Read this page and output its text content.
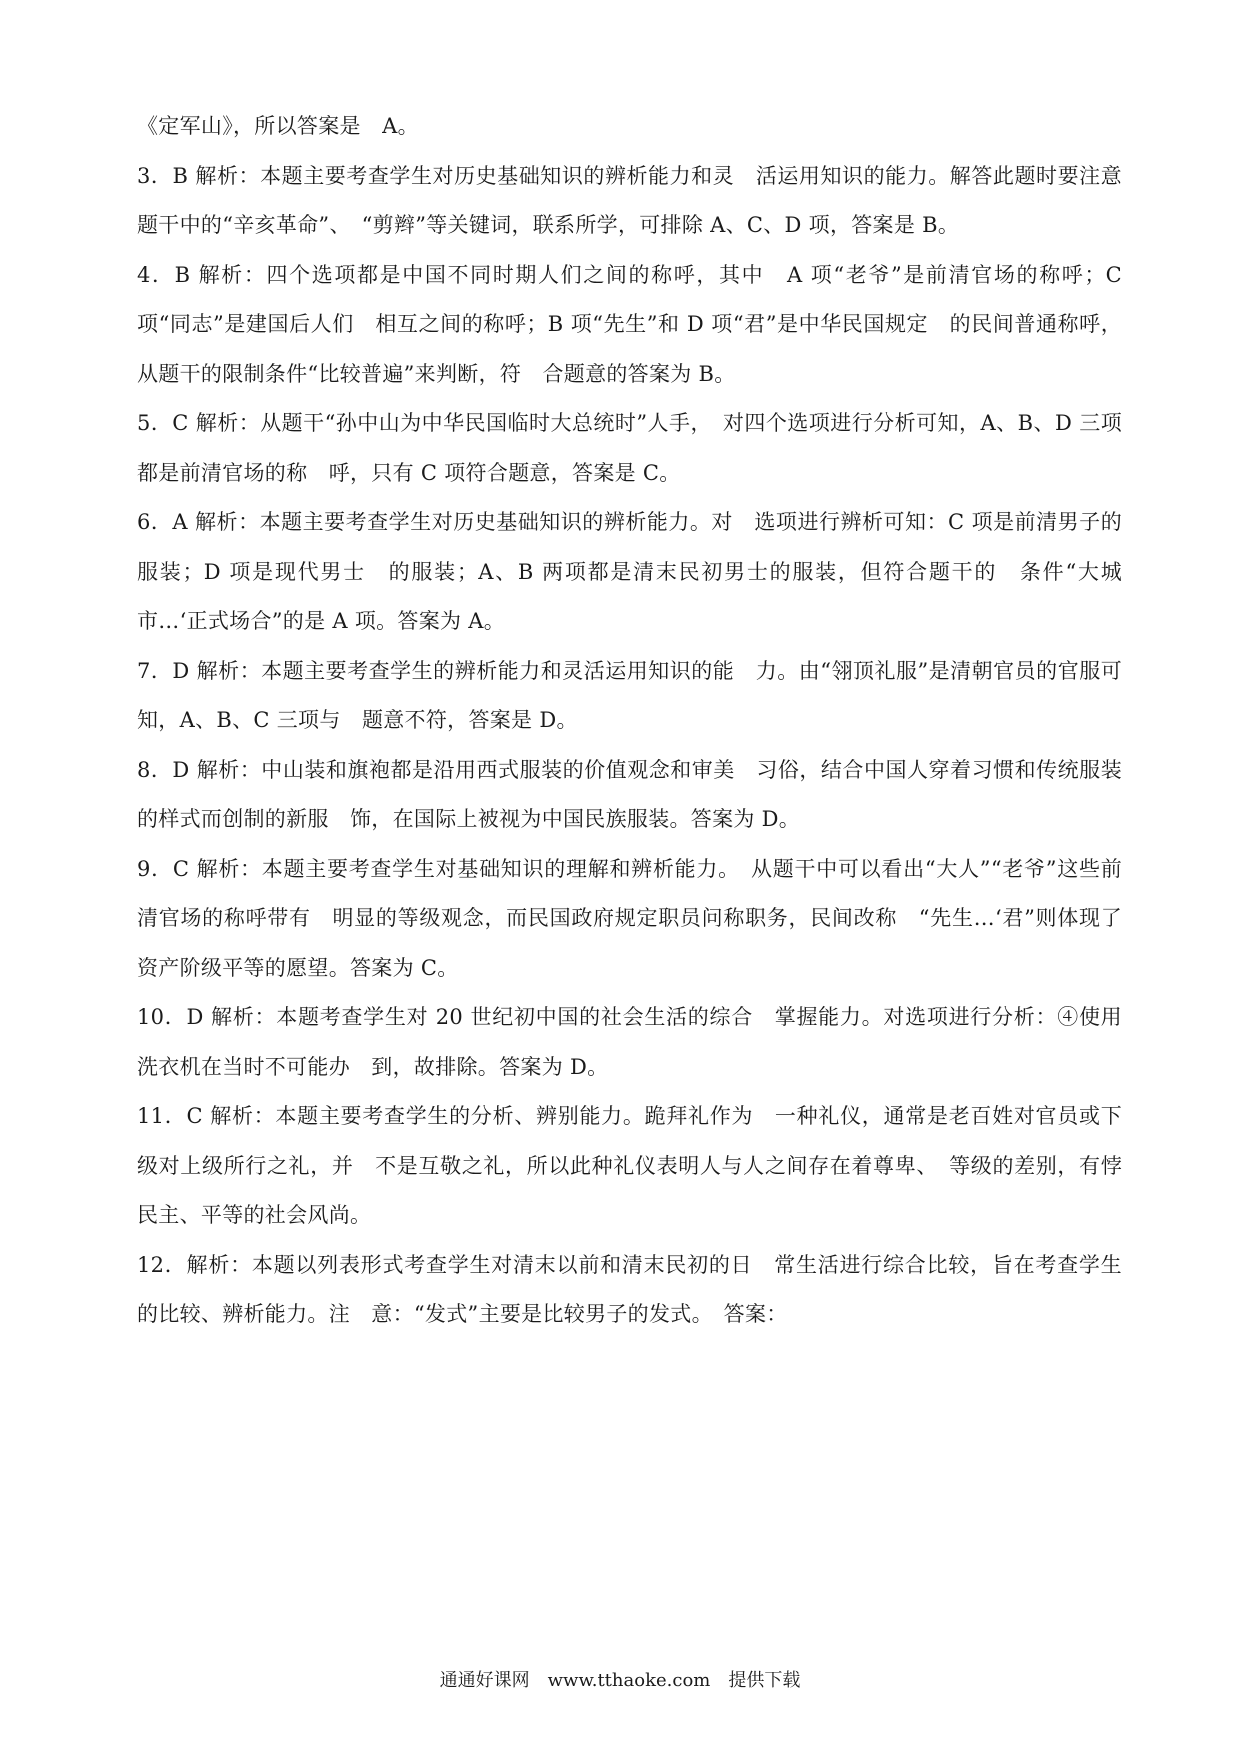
《定军山》，所以答案是　A。

3．B 解析：本题主要考查学生对历史基础知识的辨析能力和灵　活运用知识的能力。解答此题时要注意题干中的“辛亥革命”、　“剪辫”等关键词，联系所学，可排除 A、C、D 项，答案是 B。

4．B 解析：四个选项都是中国不同时期人们之间的称呼，其中　A 项“老爷”是前清官场的称呼；C 项“同志”是建国后人们　相互之间的称呼；B 项“先生”和 D 项“君”是中华民国规定　的民间普通称呼，从题干的限制条件“比较普遍”来判断，符　合题意的答案为 B。

5．C 解析：从题干“孙中山为中华民国临时大总统时”人手，　对四个选项进行分析可知，A、B、D 三项都是前清官场的称　呼，只有 C 项符合题意，答案是 C。

6．A 解析：本题主要考查学生对历史基础知识的辨析能力。对　选项进行辨析可知：C 项是前清男子的服装；D 项是现代男士　的服装；A、B 两项都是清末民初男士的服装，但符合题干的　条件“大城市…‘正式场合”的是 A 项。答案为 A。

7．D 解析：本题主要考查学生的辨析能力和灵活运用知识的能　力。由“翎顶礼服”是清朝官员的官服可知，A、B、C 三项与　题意不符，答案是 D。

8．D 解析：中山装和旗袍都是沿用西式服装的价值观念和审美　习俗，结合中国人穿着习惯和传统服装的样式而创制的新服　饰，在国际上被视为中国民族服装。答案为 D。

9．C 解析：本题主要考查学生对基础知识的理解和辨析能力。　从题干中可以看出“大人”“老爷”这些前清官场的称呼带有　明显的等级观念，而民国政府规定职员问称职务，民间改称　“先生…‘君”则体现了资产阶级平等的愿望。答案为 C。

10．D 解析：本题考查学生对 20 世纪初中国的社会生活的综合　掌握能力。对选项进行分析：④使用洗衣机在当时不可能办　到，故排除。答案为 D。

11．C 解析：本题主要考查学生的分析、辨别能力。跪拜礼作为　一种礼仪，通常是老百姓对官员或下级对上级所行之礼，并　不是互敬之礼，所以此种礼仪表明人与人之间存在着尊卑、　等级的差别，有悖民主、平等的社会风尚。

12．解析：本题以列表形式考查学生对清末以前和清末民初的日　常生活进行综合比较，旨在考查学生的比较、辨析能力。注　意：“发式”主要是比较男子的发式。　答案：

通通好课网　www.tthaoke.com　提供下载
